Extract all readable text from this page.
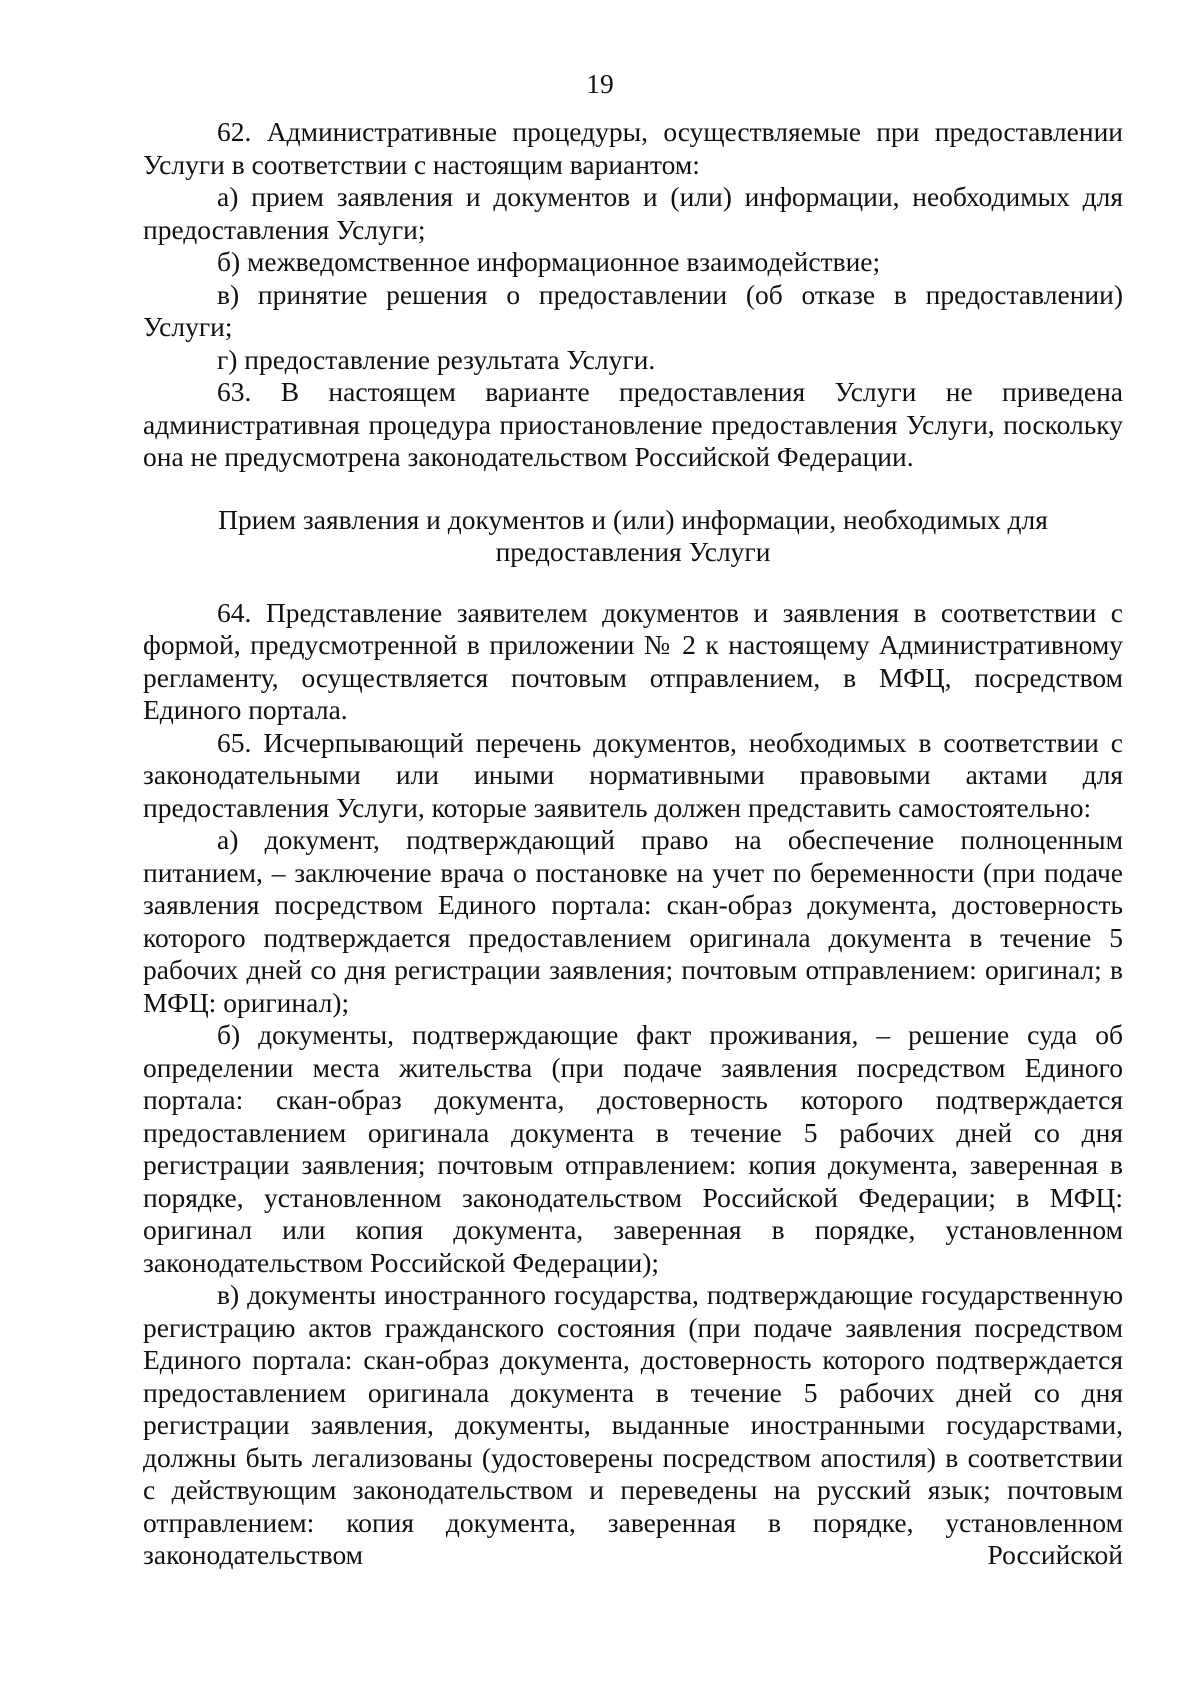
19

62. Административные процедуры, осуществляемые при предоставлении Услуги в соответствии с настоящим вариантом:

а) прием заявления и документов и (или) информации, необходимых для предоставления Услуги;

б) межведомственное информационное взаимодействие;

в) принятие решения о предоставлении (об отказе в предоставлении) Услуги;

г) предоставление результата Услуги.

63. В настоящем варианте предоставления Услуги не приведена административная процедура приостановление предоставления Услуги, поскольку она не предусмотрена законодательством Российской Федерации.

Прием заявления и документов и (или) информации, необходимых для
предоставления Услуги

64. Представление заявителем документов и заявления в соответствии с формой, предусмотренной в приложении № 2 к настоящему Административному регламенту, осуществляется почтовым отправлением, в МФЦ, посредством Единого портала.

65. Исчерпывающий перечень документов, необходимых в соответствии с законодательными или иными нормативными правовыми актами для предоставления Услуги, которые заявитель должен представить самостоятельно:

а) документ, подтверждающий право на обеспечение полноценным питанием, – заключение врача о постановке на учет по беременности (при подаче заявления посредством Единого портала: скан-образ документа, достоверность которого подтверждается предоставлением оригинала документа в течение 5 рабочих дней со дня регистрации заявления; почтовым отправлением: оригинал; в МФЦ: оригинал);

б) документы, подтверждающие факт проживания, – решение суда об определении места жительства (при подаче заявления посредством Единого портала: скан-образ документа, достоверность которого подтверждается предоставлением оригинала документа в течение 5 рабочих дней со дня регистрации заявления; почтовым отправлением: копия документа, заверенная в порядке, установленном законодательством Российской Федерации; в МФЦ: оригинал или копия документа, заверенная в порядке, установленном законодательством Российской Федерации);

в) документы иностранного государства, подтверждающие государственную регистрацию актов гражданского состояния (при подаче заявления посредством Единого портала: скан-образ документа, достоверность которого подтверждается предоставлением оригинала документа в течение 5 рабочих дней со дня регистрации заявления, документы, выданные иностранными государствами, должны быть легализованы (удостоверены посредством апостиля) в соответствии с действующим законодательством и переведены на русский язык; почтовым отправлением: копия документа, заверенная в порядке, установленном законодательством Российской
